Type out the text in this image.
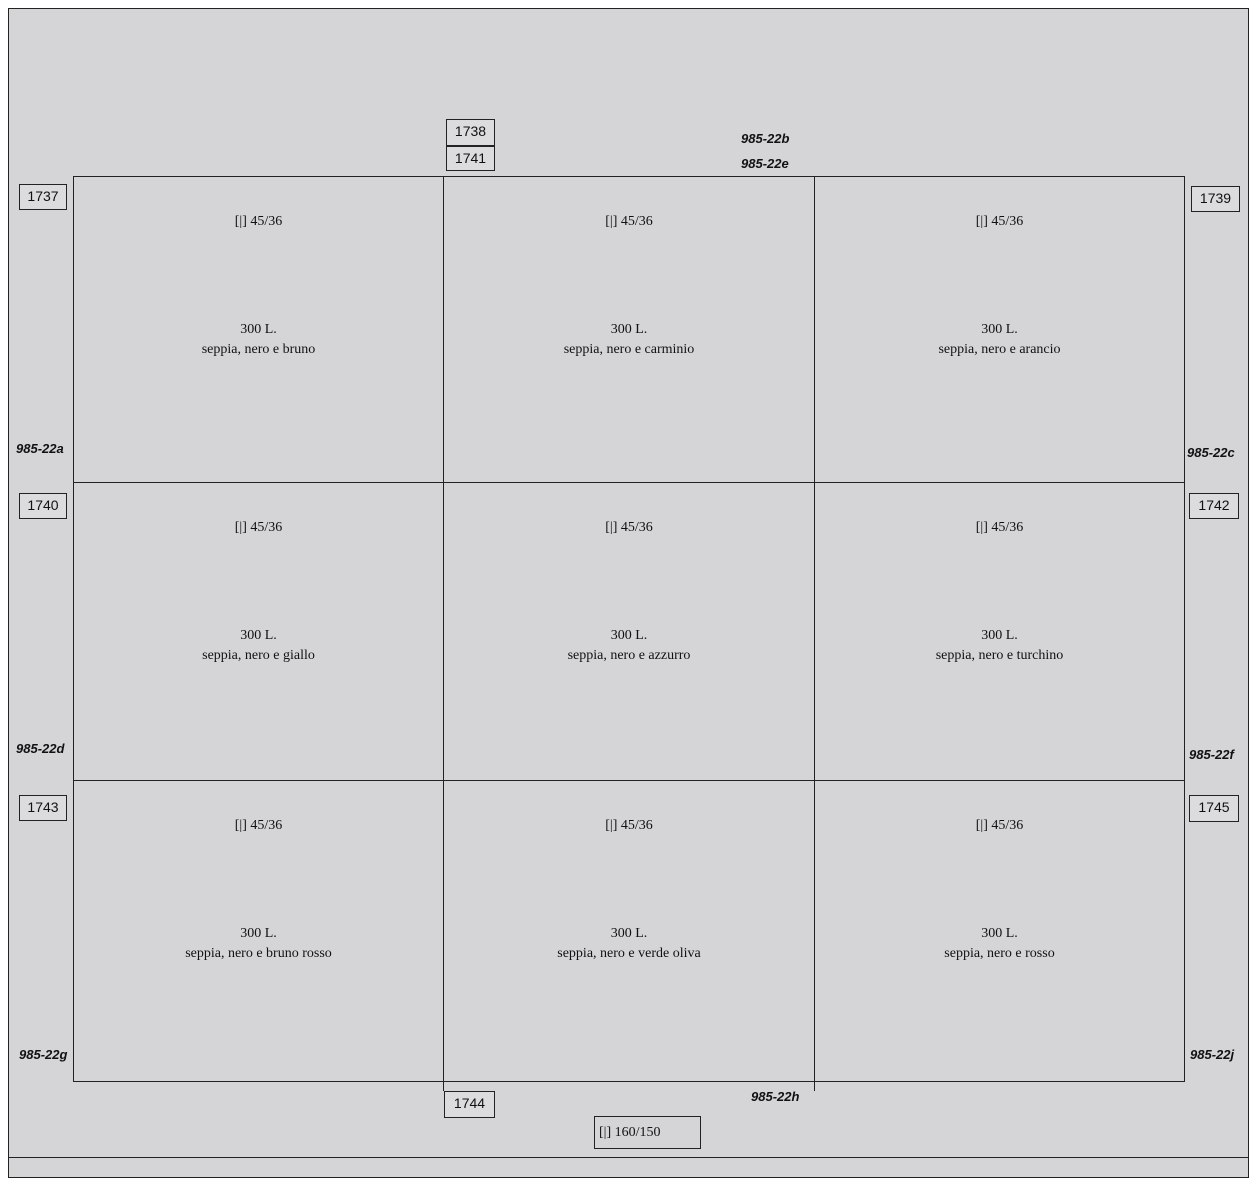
[|] 45/36
300 L.
seppia, nero e bruno
[|] 45/36
300 L.
seppia, nero e carminio
[|] 45/36
300 L.
seppia, nero e arancio
[|] 45/36
300 L.
seppia, nero e giallo
[|] 45/36
300 L.
seppia, nero e azzurro
[|] 45/36
300 L.
seppia, nero e turchino
[|] 45/36
300 L.
seppia, nero e bruno rosso
[|] 45/36
300 L.
seppia, nero e verde oliva
[|] 45/36
300 L.
seppia, nero e rosso
1738
1741
1737	1739
1740	1742
1743	1745
1744
985-22b
985-22e
985-22a	985-22c
985-22d	985-22f
985-22g	985-22j
985-22h
[|] 160/150
